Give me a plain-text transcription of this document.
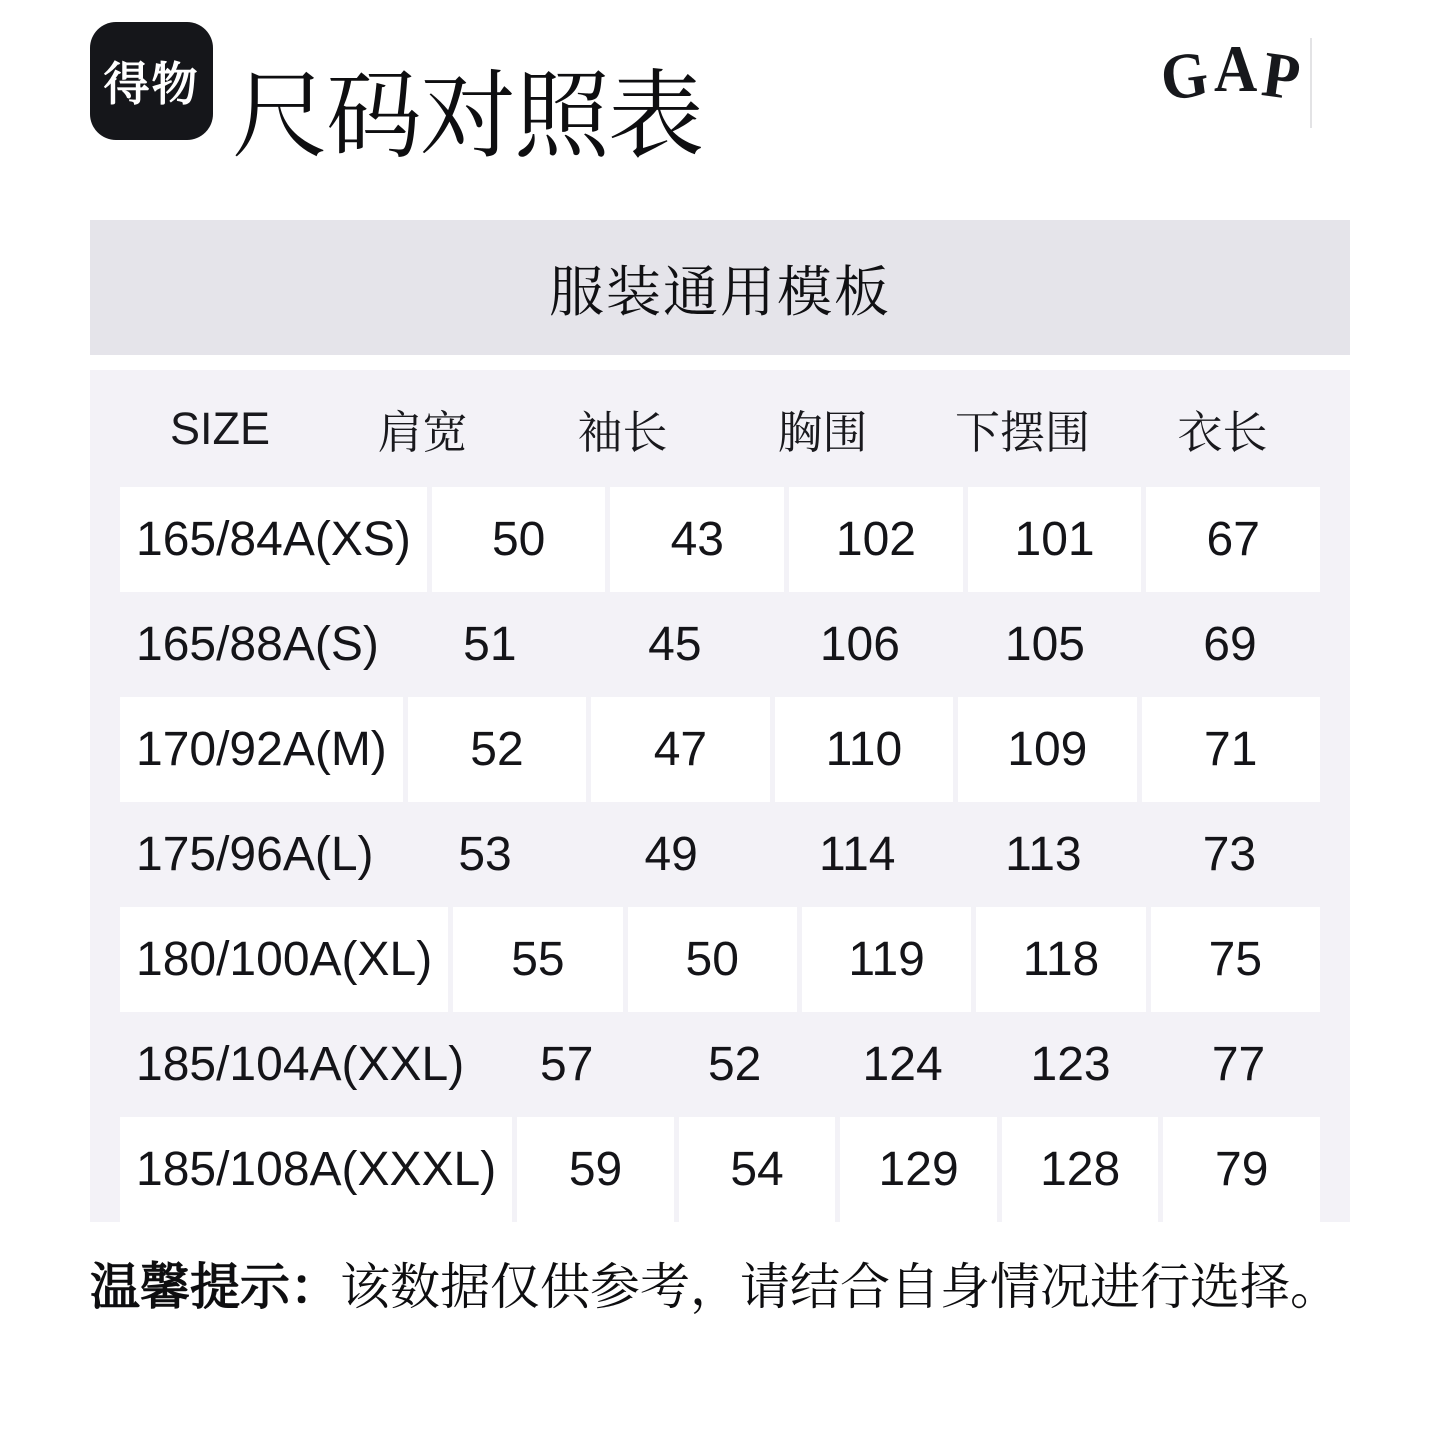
得物 尺码对照表	G A P
服装通用模板
SIZE	肩宽	袖长	胸围	下摆围	衣长
165/84A(XS)	50	43	102	101	67
165/88A(S)	51	45	106	105	69
170/92A(M)	52	47	110	109	71
175/96A(L)	53	49	114	113	73
180/100A(XL)	55	50	119	118	75
185/104A(XXL)	57	52	124	123	77
185/108A(XXXL)	59	54	129	128	79

温馨提示：该数据仅供参考，请结合自身情况进行选择。
